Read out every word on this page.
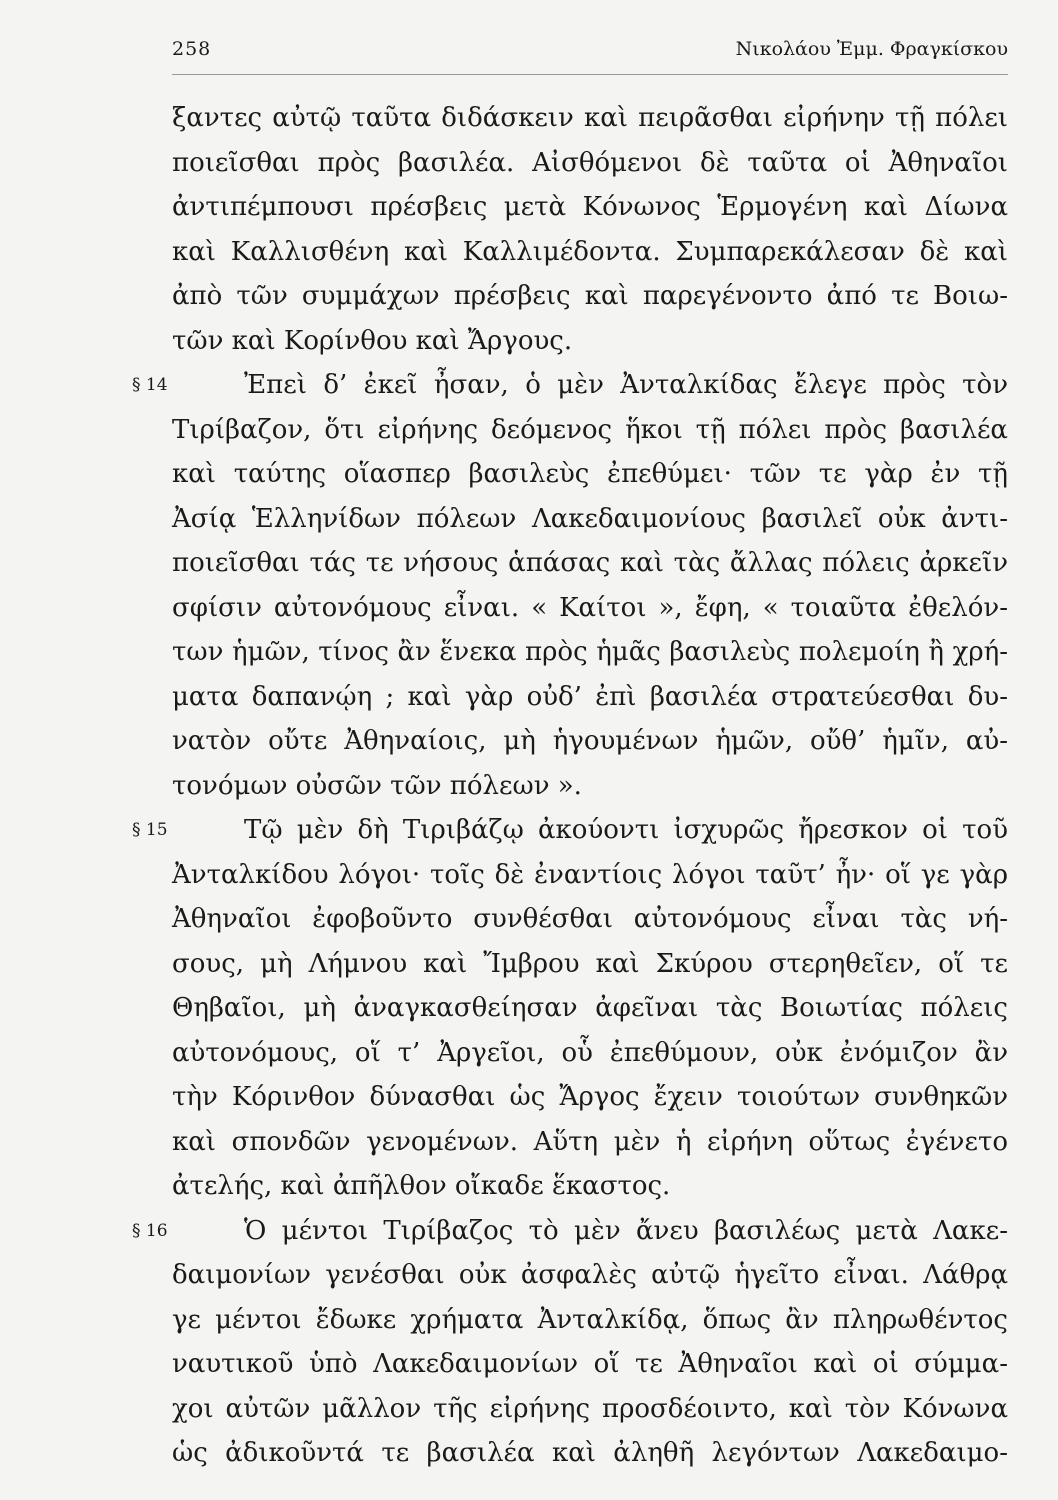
258	Νικολάου Ἐμμ. Φραγκίσκου
ξαντες αὐτῷ ταῦτα διδάσκειν καὶ πειρᾶσθαι εἰρήνην τῇ πόλει
ποιεῖσθαι πρὸς βασιλέα. Αἰσθόμενοι δὲ ταῦτα οἱ Ἀθηναῖοι
ἀντιπέμπουσι πρέσβεις μετὰ Κόνωνος Ἑρμογένη καὶ Δίωνα
καὶ Καλλισθένη καὶ Καλλιμέδοντα. Συμπαρεκάλεσαν δὲ καὶ
ἀπὸ τῶν συμμάχων πρέσβεις καὶ παρεγένοντο ἀπό τε Βοιω-
τῶν καὶ Κορίνθου καὶ Ἄργους.
§ 14	Ἐπεὶ δ’ ἐκεῖ ἦσαν, ὁ μὲν Ἀνταλκίδας ἔλεγε πρὸς τὸν
Τιρίβαζον, ὅτι εἰρήνης δεόμενος ἥκοι τῇ πόλει πρὸς βασιλέα
καὶ ταύτης οἵασπερ βασιλεὺς ἐπεθύμει· τῶν τε γὰρ ἐν τῇ
Ἀσίᾳ Ἑλληνίδων πόλεων Λακεδαιμονίους βασιλεῖ οὐκ ἀντι-
ποιεῖσθαι τάς τε νήσους ἁπάσας καὶ τὰς ἄλλας πόλεις ἀρκεῖν
σφίσιν αὐτονόμους εἶναι. « Καίτοι », ἔφη, « τοιαῦτα ἐθελόν-
των ἡμῶν, τίνος ἂν ἕνεκα πρὸς ἡμᾶς βασιλεὺς πολεμοίη ἢ χρή-
ματα δαπανῴη ; καὶ γὰρ οὐδ’ ἐπὶ βασιλέα στρατεύεσθαι δυ-
νατὸν οὔτε Ἀθηναίοις, μὴ ἡγουμένων ἡμῶν, οὔθ’ ἡμῖν, αὐ-
τονόμων οὐσῶν τῶν πόλεων ».
§ 15	Τῷ μὲν δὴ Τιριβάζῳ ἀκούοντι ἰσχυρῶς ἤρεσκον οἱ τοῦ
Ἀνταλκίδου λόγοι· τοῖς δὲ ἐναντίοις λόγοι ταῦτ’ ἦν· οἵ γε γὰρ
Ἀθηναῖοι ἐφοβοῦντο συνθέσθαι αὐτονόμους εἶναι τὰς νή-
σους, μὴ Λήμνου καὶ Ἴμβρου καὶ Σκύρου στερηθεῖεν, οἵ τε
Θηβαῖοι, μὴ ἀναγκασθείησαν ἀφεῖναι τὰς Βοιωτίας πόλεις
αὐτονόμους, οἵ τ’ Ἀργεῖοι, οὗ ἐπεθύμουν, οὐκ ἐνόμιζον ἂν
τὴν Κόρινθον δύνασθαι ὡς Ἄργος ἔχειν τοιούτων συνθηκῶν
καὶ σπονδῶν γενομένων. Αὕτη μὲν ἡ εἰρήνη οὕτως ἐγένετο
ἀτελής, καὶ ἀπῆλθον οἴκαδε ἕκαστος.
§ 16	Ὁ μέντοι Τιρίβαζος τὸ μὲν ἄνευ βασιλέως μετὰ Λακε-
δαιμονίων γενέσθαι οὐκ ἀσφαλὲς αὐτῷ ἡγεῖτο εἶναι. Λάθρᾳ
γε μέντοι ἔδωκε χρήματα Ἀνταλκίδᾳ, ὅπως ἂν πληρωθέντος
ναυτικοῦ ὑπὸ Λακεδαιμονίων οἵ τε Ἀθηναῖοι καὶ οἱ σύμμα-
χοι αὐτῶν μᾶλλον τῆς εἰρήνης προσδέοιντο, καὶ τὸν Κόνωνα
ὡς ἀδικοῦντά τε βασιλέα καὶ ἀληθῆ λεγόντων Λακεδαιμο-
